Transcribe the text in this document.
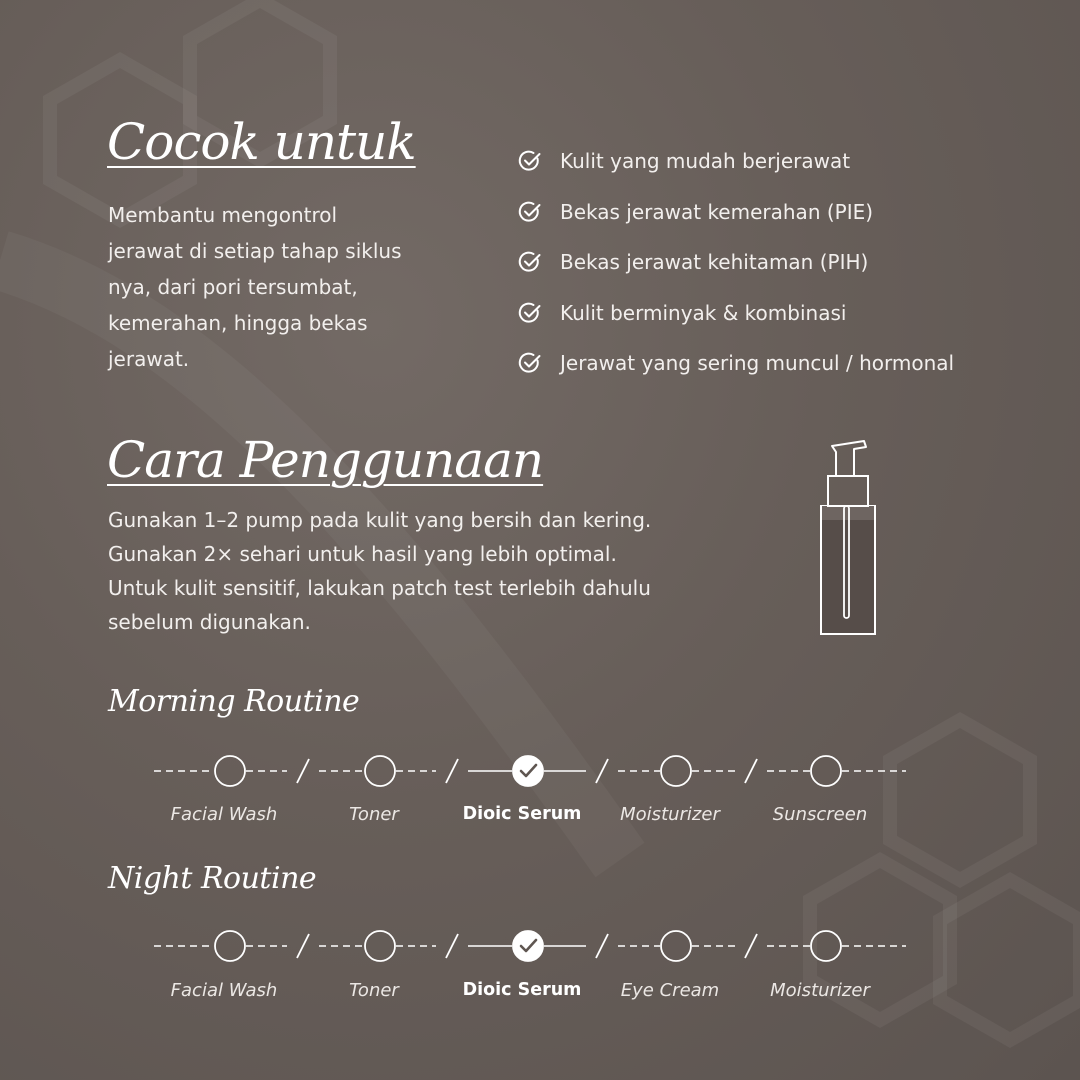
Cocok untuk
Membantu mengontrol
jerawat di setiap tahap siklus
nya, dari pori tersumbat,
kemerahan, hingga bekas
jerawat.
Kulit yang mudah berjerawat
Bekas jerawat kemerahan (PIE)
Bekas jerawat kehitaman (PIH)
Kulit berminyak & kombinasi
Jerawat yang sering muncul / hormonal
Cara Penggunaan
Gunakan 1–2 pump pada kulit yang bersih dan kering.
Gunakan 2× sehari untuk hasil yang lebih optimal.
Untuk kulit sensitif, lakukan patch test terlebih dahulu
sebelum digunakan.
Morning Routine
Facial Wash	Toner	Dioic Serum Moisturizer	Sunscreen
Night Routine
Facial Wash	Toner	Dioic Serum Eye Cream	Moisturizer
